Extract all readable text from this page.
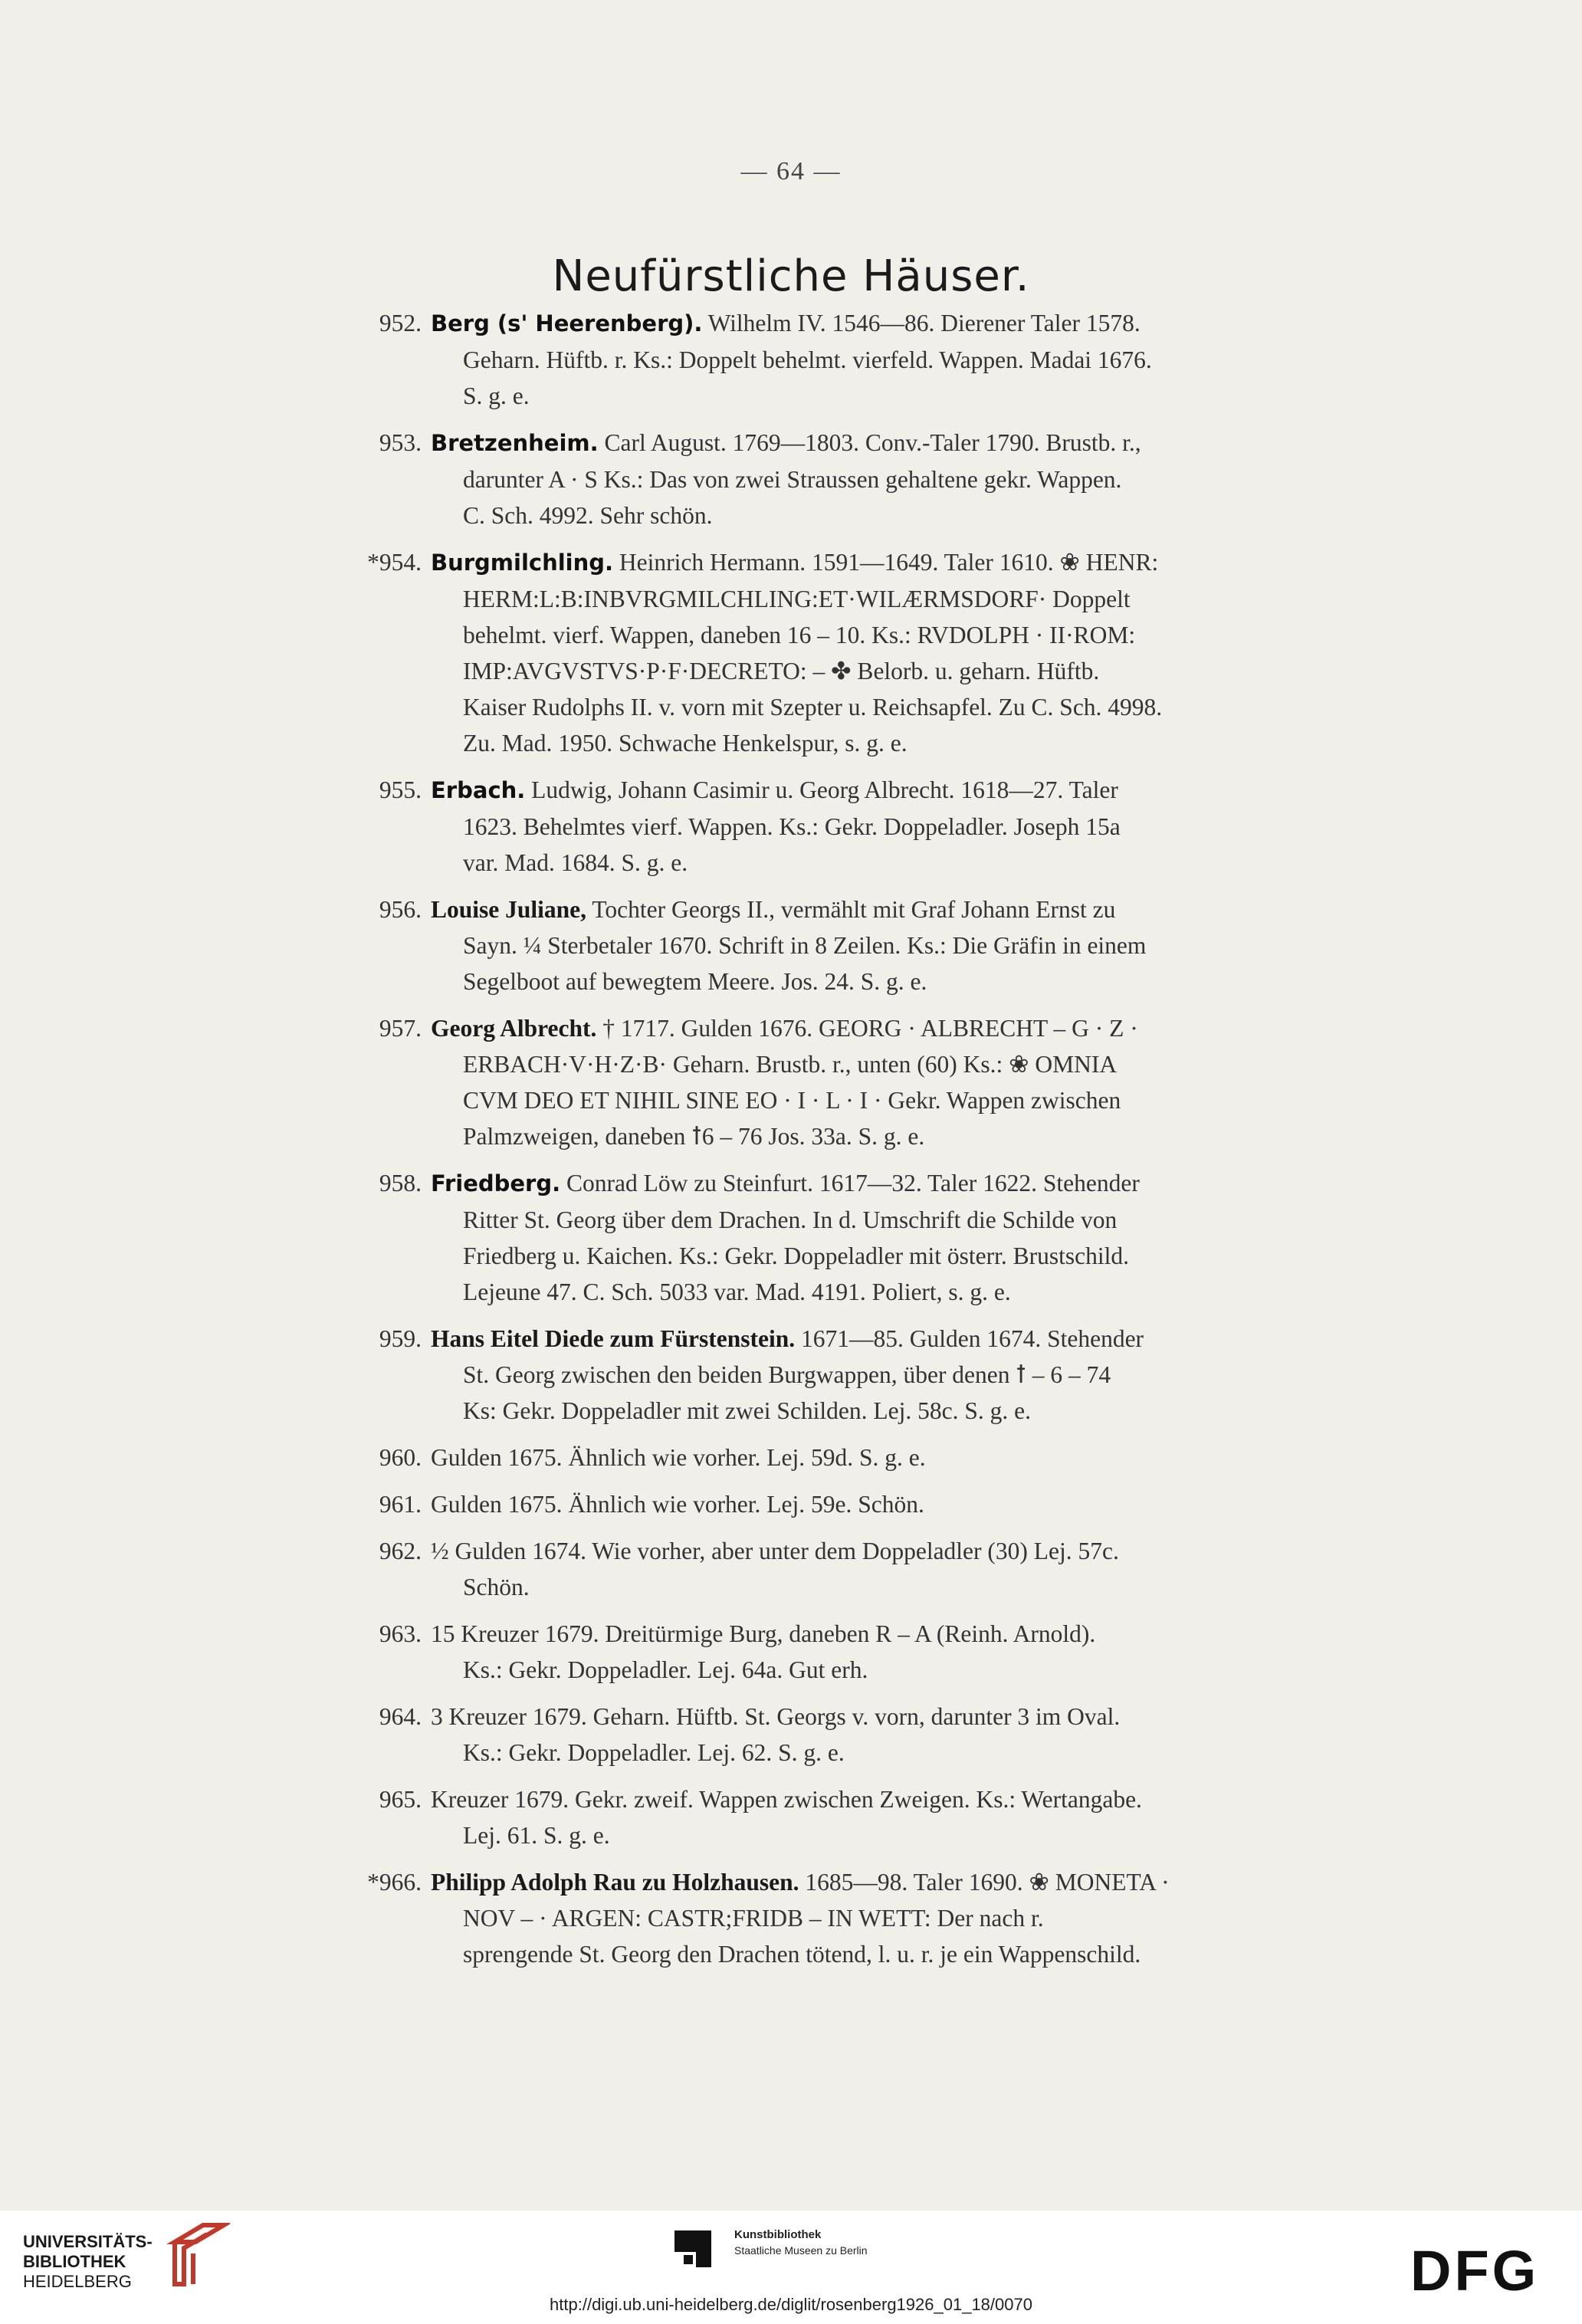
— 64 —
Neufürstliche Häuser.
952. Berg (s' Heerenberg). Wilhelm IV. 1546—86. Dierener Taler 1578.
Geharn. Hüftb. r. Ks.: Doppelt behelmt. vierfeld. Wappen. Madai 1676.
S. g. e.
953. Bretzenheim. Carl August. 1769—1803. Conv.-Taler 1790. Brustb. r.,
darunter A · S Ks.: Das von zwei Straussen gehaltene gekr. Wappen.
C. Sch. 4992. Sehr schön.
*954. Burgmilchling. Heinrich Hermann. 1591—1649. Taler 1610. ❀ HENR:
HERM:L:B:INBVRGMILCHLING:ET·WILÆRMSDORF· Doppelt
behelmt. vierf. Wappen, daneben 16 – 10. Ks.: RVDOLPH · II·ROM:
IMP:AVGVSTVS·P·F·DECRETO: – ✤ Belorb. u. geharn. Hüftb.
Kaiser Rudolphs II. v. vorn mit Szepter u. Reichsapfel. Zu C. Sch. 4998.
Zu. Mad. 1950. Schwache Henkelspur, s. g. e.
955. Erbach. Ludwig, Johann Casimir u. Georg Albrecht. 1618—27. Taler
1623. Behelmtes vierf. Wappen. Ks.: Gekr. Doppeladler. Joseph 15a
var. Mad. 1684. S. g. e.
956. Louise Juliane, Tochter Georgs II., vermählt mit Graf Johann Ernst zu
Sayn. ¼ Sterbetaler 1670. Schrift in 8 Zeilen. Ks.: Die Gräfin in einem
Segelboot auf bewegtem Meere. Jos. 24. S. g. e.
957. Georg Albrecht. † 1717. Gulden 1676. GEORG · ALBRECHT – G · Z ·
ERBACH·V·H·Z·B· Geharn. Brustb. r., unten (60) Ks.: ❀ OMNIA
CVM DEO ET NIHIL SINE EO · I · L · I · Gekr. Wappen zwischen
Palmzweigen, daneben ꝉ6 – 76 Jos. 33a. S. g. e.
958. Friedberg. Conrad Löw zu Steinfurt. 1617—32. Taler 1622. Stehender
Ritter St. Georg über dem Drachen. In d. Umschrift die Schilde von
Friedberg u. Kaichen. Ks.: Gekr. Doppeladler mit österr. Brustschild.
Lejeune 47. C. Sch. 5033 var. Mad. 4191. Poliert, s. g. e.
959. Hans Eitel Diede zum Fürstenstein. 1671—85. Gulden 1674. Stehender
St. Georg zwischen den beiden Burgwappen, über denen ꝉ – 6 – 74
Ks: Gekr. Doppeladler mit zwei Schilden. Lej. 58c. S. g. e.
960. Gulden 1675. Ähnlich wie vorher. Lej. 59d. S. g. e.
961. Gulden 1675. Ähnlich wie vorher. Lej. 59e. Schön.
962. ½ Gulden 1674. Wie vorher, aber unter dem Doppeladler (30) Lej. 57c.
Schön.
963. 15 Kreuzer 1679. Dreitürmige Burg, daneben R – A (Reinh. Arnold).
Ks.: Gekr. Doppeladler. Lej. 64a. Gut erh.
964. 3 Kreuzer 1679. Geharn. Hüftb. St. Georgs v. vorn, darunter 3 im Oval.
Ks.: Gekr. Doppeladler. Lej. 62. S. g. e.
965. Kreuzer 1679. Gekr. zweif. Wappen zwischen Zweigen. Ks.: Wertangabe.
Lej. 61. S. g. e.
*966. Philipp Adolph Rau zu Holzhausen. 1685—98. Taler 1690. ❀ MONETA ·
NOV – · ARGEN: CASTR;FRIDB – IN WETT: Der nach r.
sprengende St. Georg den Drachen tötend, l. u. r. je ein Wappenschild.
UNIVERSITÄTS-
BIBLIOTHEK
HEIDELBERG
Kunstbibliothek
Staatliche Museen zu Berlin	DFG
http://digi.ub.uni-heidelberg.de/diglit/rosenberg1926_01_18/0070
